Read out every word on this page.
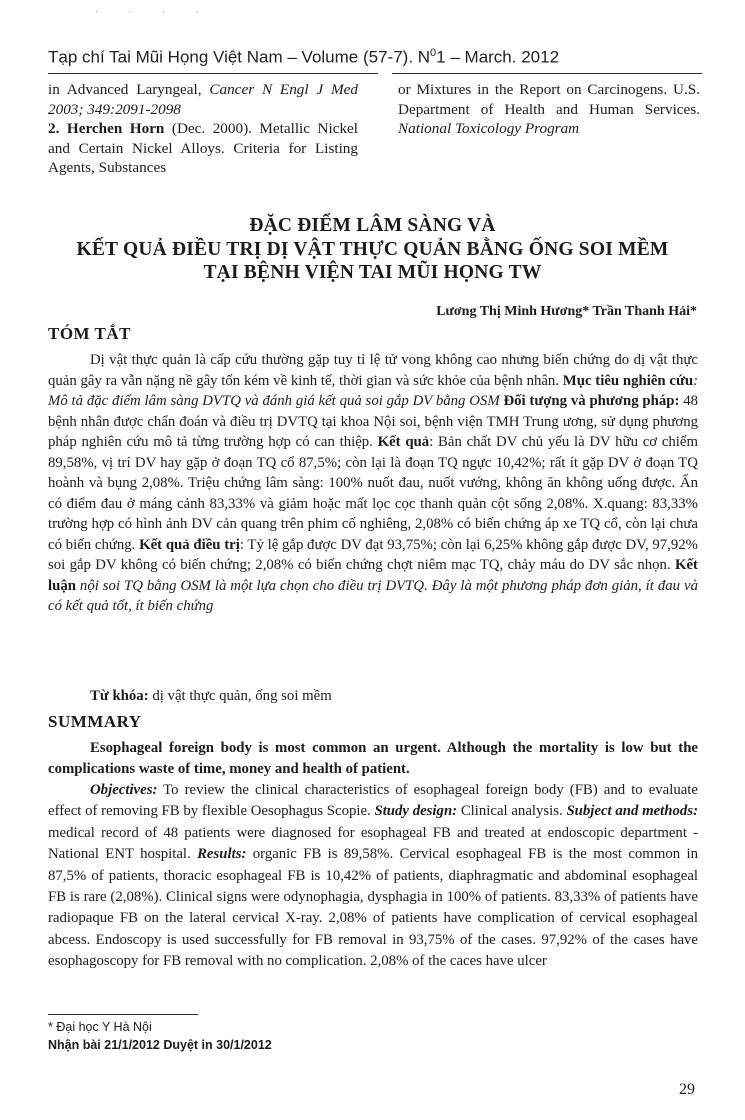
· · · ·
Tạp chí Tai Mũi Họng Việt Nam – Volume (57-7). $N^01$ – March. 2012

in Advanced Laryngeal, Cancer N Engl J Med 2003; 349:2091-2098

2. Herchen Horn (Dec. 2000). Metallic Nickel and Certain Nickel Alloys. Criteria for Listing Agents, Substances

or Mixtures in the Report on Carcinogens. U.S. Department of Health and Human Services. National Toxicology Program

ĐẶC ĐIỂM LÂM SÀNG VÀ
KẾT QUẢ ĐIỀU TRỊ DỊ VẬT THỰC QUẢN BẰNG ỐNG SOI MỀM
TẠI BỆNH VIỆN TAI MŨI HỌNG TW
Lương Thị Minh Hương* Trần Thanh Hải*
TÓM TẮT

Dị vật thực quản là cấp cứu thường gặp tuy tỉ lệ tử vong không cao nhưng biến chứng do dị vật thực quản gây ra vẫn nặng nề gây tốn kém về kinh tế, thời gian và sức khỏe của bệnh nhân. Mục tiêu nghiên cứu: Mô tả đặc điểm lâm sàng DVTQ và đánh giá kết quả soi gắp DV bằng OSM Đối tượng và phương pháp: 48 bệnh nhân được chẩn đoán và điều trị DVTQ tại khoa Nội soi, bệnh viện TMH Trung ương, sử dụng phương pháp nghiên cứu mô tả từng trường hợp có can thiệp. Kết quả: Bản chất DV chủ yếu là DV hữu cơ chiếm 89,58%, vị trí DV hay gặp ở đoạn TQ cổ 87,5%; còn lại là đoạn TQ ngực 10,42%; rất ít gặp DV ở đoạn TQ hoành và bụng 2,08%. Triệu chứng lâm sàng: 100% nuốt đau, nuốt vướng, không ăn không uống được. Ấn có điểm đau ở máng cảnh 83,33% và giảm hoặc mất lọc cọc thanh quản cột sống 2,08%. X.quang: 83,33% trường hợp có hình ảnh DV cản quang trên phim cổ nghiêng, 2,08% có biến chứng áp xe TQ cổ, còn lại chưa có biến chứng. Kết quả điều trị: Tỷ lệ gắp được DV đạt 93,75%; còn lại 6,25% không gắp được DV, 97,92% soi gắp DV không có biến chứng; 2,08% có biến chứng chợt niêm mạc TQ, chảy máu do DV sắc nhọn. Kết luận nội soi TQ bằng OSM là một lựa chọn cho điều trị DVTQ. Đây là một phương pháp đơn giản, ít đau và có kết quả tốt, ít biến chứng

Từ khóa: dị vật thực quản, ống soi mềm
SUMMARY

Esophageal foreign body is most common an urgent. Although the mortality is low but the complications waste of time, money and health of patient.

Objectives: To review the clinical characteristics of esophageal foreign body (FB) and to evaluate effect of removing FB by flexible Oesophagus Scopie. Study design: Clinical analysis. Subject and methods: medical record of 48 patients were diagnosed for esophageal FB and treated at endoscopic department - National ENT hospital. Results: organic FB is 89,58%. Cervical esophageal FB is the most common in 87,5% of patients, thoracic esophageal FB is 10,42% of patients, diaphragmatic and abdominal esophageal FB is rare (2,08%). Clinical signs were odynophagia, dysphagia in 100% of patients. 83,33% of patients have radiopaque FB on the lateral cervical X-ray. 2,08% of patients have complication of cervical esophageal abcess. Endoscopy is used successfully for FB removal in 93,75% of the cases. 97,92% of the cases have esophagoscopy for FB removal with no complication. 2,08% of the caces have ulcer

* Đại học Y Hà Nội
Nhận bài 21/1/2012 Duyệt in 30/1/2012
29
